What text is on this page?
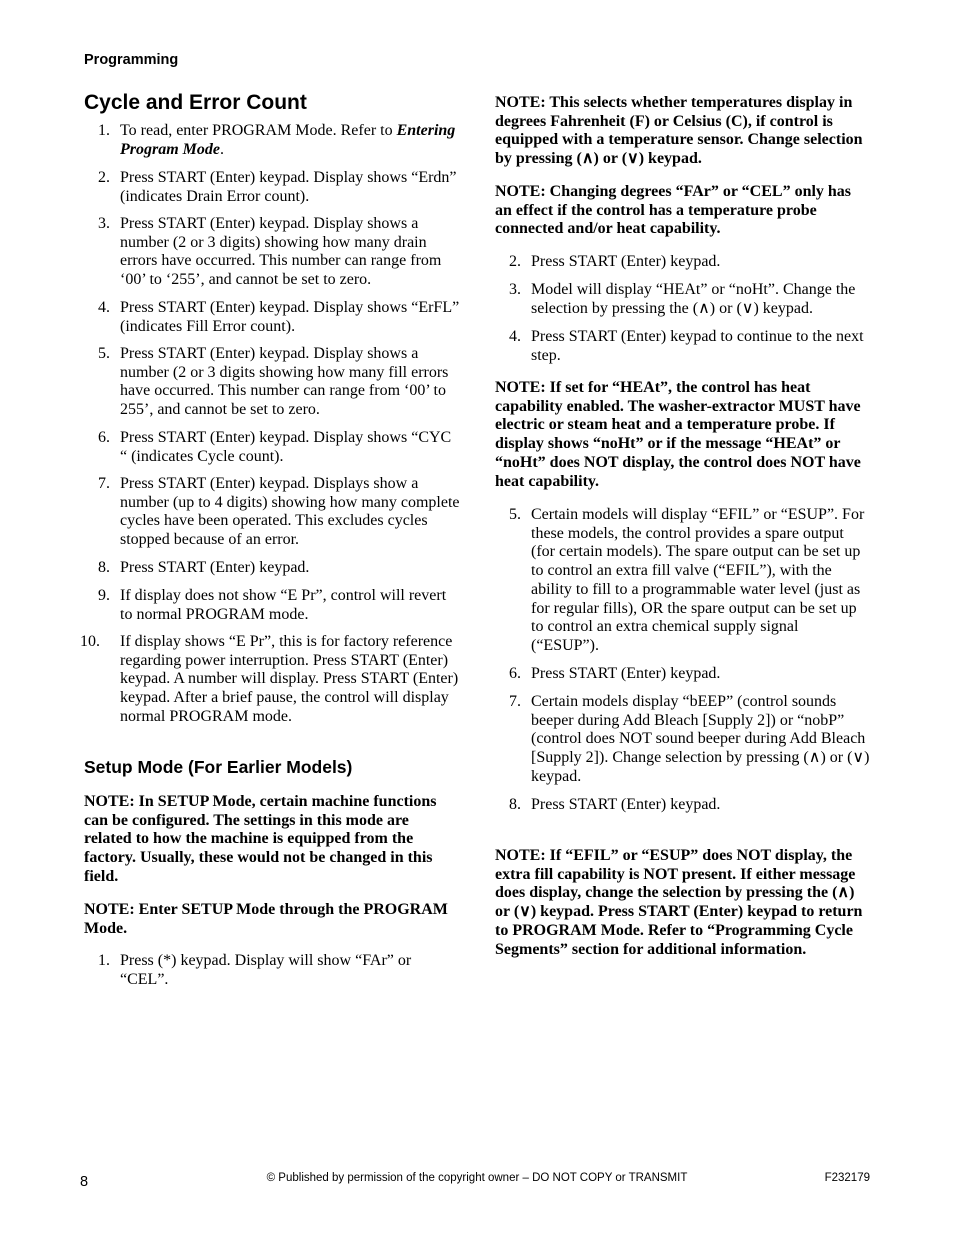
Programming
Cycle and Error Count
1. To read, enter PROGRAM Mode. Refer to Entering Program Mode.
2. Press START (Enter) keypad. Display shows “Erdn” (indicates Drain Error count).
3. Press START (Enter) keypad. Display shows a number (2 or 3 digits) showing how many drain errors have occurred. This number can range from ‘00’ to ‘255’, and cannot be set to zero.
4. Press START (Enter) keypad. Display shows “ErFL” (indicates Fill Error count).
5. Press START (Enter) keypad. Display shows a number (2 or 3 digits showing how many fill errors have occurred. This number can range from ‘00’ to 255’, and cannot be set to zero.
6. Press START (Enter) keypad. Display shows “CYC “ (indicates Cycle count).
7. Press START (Enter) keypad. Displays show a number (up to 4 digits) showing how many complete cycles have been operated. This excludes cycles stopped because of an error.
8. Press START (Enter) keypad.
9. If display does not show “E Pr”, control will revert to normal PROGRAM mode.
10.	If display shows “E Pr”, this is for factory reference regarding power interruption. Press START (Enter) keypad. A number will display. Press START (Enter) keypad. After a brief pause, the control will display normal PROGRAM mode.
Setup Mode (For Earlier Models)
NOTE: In SETUP Mode, certain machine functions can be configured. The settings in this mode are related to how the machine is equipped from the factory. Usually, these would not be changed in this field.
NOTE: Enter SETUP Mode through the PROGRAM Mode.
1. Press (*) keypad. Display will show “FAr” or “CEL”.
NOTE: This selects whether temperatures display in degrees Fahrenheit (F) or Celsius (C), if control is equipped with a temperature sensor. Change selection by pressing (∧) or (∨) keypad.
NOTE: Changing degrees “FAr” or “CEL” only has an effect if the control has a temperature probe connected and/or heat capability.
2. Press START (Enter) keypad.
3. Model will display “HEAt” or “noHt”. Change the selection by pressing the (∧) or (∨) keypad.
4. Press START (Enter) keypad to continue to the next step.
NOTE: If set for “HEAt”, the control has heat capability enabled. The washer-extractor MUST have electric or steam heat and a temperature probe. If display shows “noHt” or if the message “HEAt” or “noHt” does NOT display, the control does NOT have heat capability.
5. Certain models will display “EFIL” or “ESUP”. For these models, the control provides a spare output (for certain models). The spare output can be set up to control an extra fill valve (“EFIL”), with the ability to fill to a programmable water level (just as for regular fills), OR the spare output can be set up to control an extra chemical supply signal (“ESUP”).
6. Press START (Enter) keypad.
7. Certain models display “bEEP” (control sounds beeper during Add Bleach [Supply 2]) or “nobP” (control does NOT sound beeper during Add Bleach [Supply 2]). Change selection by pressing (∧) or (∨) keypad.
8. Press START (Enter) keypad.
NOTE: If “EFIL” or “ESUP” does NOT display, the extra fill capability is NOT present. If either message does display, change the selection by pressing the (∧) or (∨) keypad. Press START (Enter) keypad to return to PROGRAM Mode. Refer to “Programming Cycle Segments” section for additional information.
8	© Published by permission of the copyright owner – DO NOT COPY or TRANSMIT	F232179
